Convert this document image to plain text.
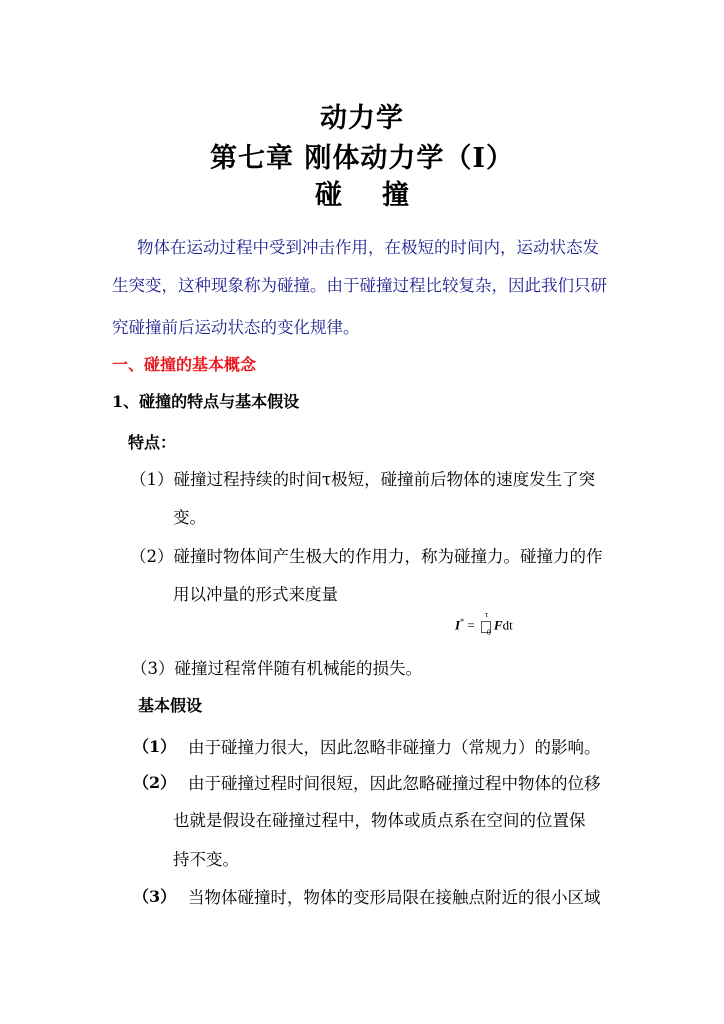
动力学
第七章 刚体动力学（I）
碰 撞
物体在运动过程中受到冲击作用，在极短的时间内，运动状态发
生突变，这种现象称为碰撞。由于碰撞过程比较复杂，因此我们只研
究碰撞前后运动状态的变化规律。
一、碰撞的基本概念
1、碰撞的特点与基本假设
特点：
（1）碰撞过程持续的时间τ极短，碰撞前后物体的速度发生了突
变。
（2）碰撞时物体间产生极大的作用力，称为碰撞力。碰撞力的作
用以冲量的形式来度量
I* =
τ
0
Fdt
（3）碰撞过程常伴随有机械能的损失。
基本假设
（1） 由于碰撞力很大，因此忽略非碰撞力（常规力）的影响。
（2） 由于碰撞过程时间很短，因此忽略碰撞过程中物体的位移
也就是假设在碰撞过程中，物体或质点系在空间的位置保
持不变。
（3） 当物体碰撞时，物体的变形局限在接触点附近的很小区域
